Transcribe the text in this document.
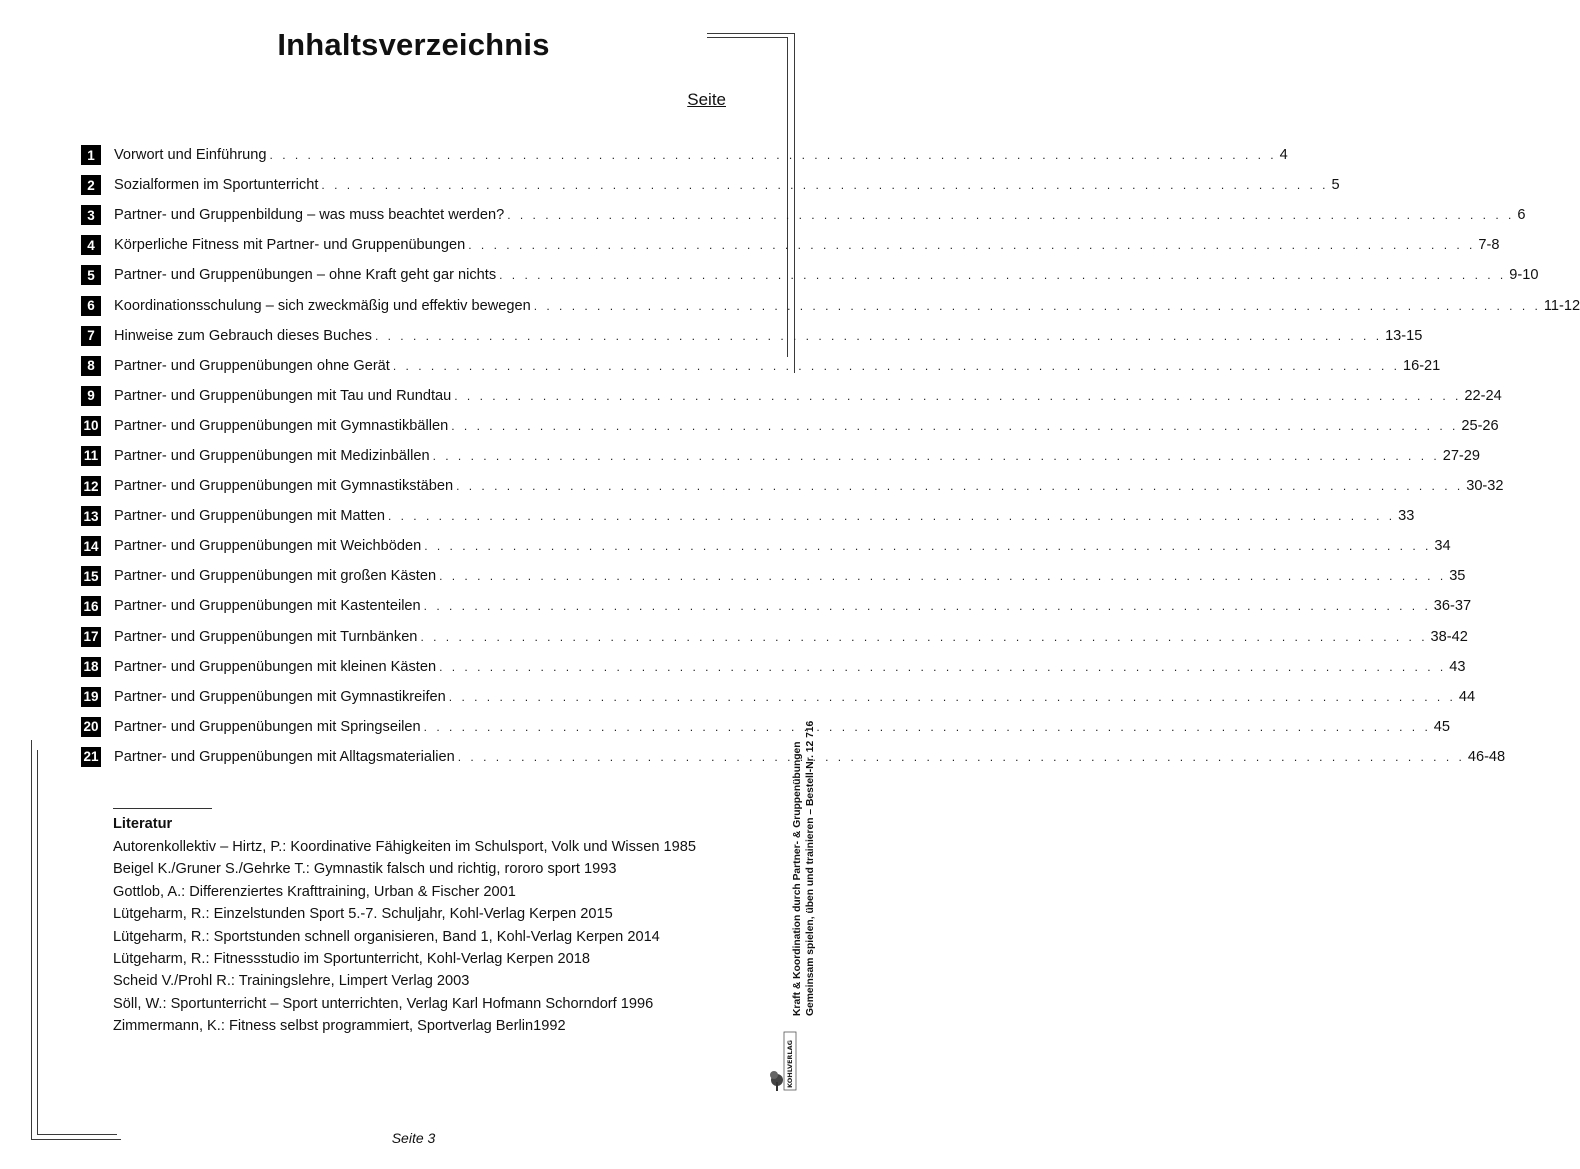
Inhaltsverzeichnis
Seite
1	Vorwort und Einführung . . . . . . . . . . . . . . . . . . . . . . . . . . . . . . . . . . . . . . . . . . . . . . . . . . . . . . . . . . . . . . . . . . . . . . . . . . . . . . . . 4
2	Sozialformen im Sportunterricht . . . . . . . . . . . . . . . . . . . . . . . . . . . . . . . . . . . . . . . . . . . . . . . . . . . . . . . . . . . . . . . . . . . . . . . . . . . . . . . . 5
3	Partner- und Gruppenbildung – was muss beachtet werden? . . . . . . . . . . . . . . . . . . . . . . . . . . . . . . . . . . . . . . . . . . . . . . . . . . . . . . . . . . . . . . . . . . . . . . . . . . . . . . . . 6
4	Körperliche Fitness mit Partner- und Gruppenübungen . . . . . . . . . . . . . . . . . . . . . . . . . . . . . . . . . . . . . . . . . . . . . . . . . . . . . . . . . . . . . . . . . . . . . . . . . . . . . . . . 7-8
5	Partner- und Gruppenübungen – ohne Kraft geht gar nichts . . . . . . . . . . . . . . . . . . . . . . . . . . . . . . . . . . . . . . . . . . . . . . . . . . . . . . . . . . . . . . . . . . . . . . . . . . . . . . . . 9-10
6	Koordinationsschulung – sich zweckmäßig und effektiv bewegen . . . . . . . . . . . . . . . . . . . . . . . . . . . . . . . . . . . . . . . . . . . . . . . . . . . . . . . . . . . . . . . . . . . . . . . . . . . . . . . . 11-12
7	Hinweise zum Gebrauch dieses Buches . . . . . . . . . . . . . . . . . . . . . . . . . . . . . . . . . . . . . . . . . . . . . . . . . . . . . . . . . . . . . . . . . . . . . . . . . . . . . . . . 13-15
8	Partner- und Gruppenübungen ohne Gerät . . . . . . . . . . . . . . . . . . . . . . . . . . . . . . . . . . . . . . . . . . . . . . . . . . . . . . . . . . . . . . . . . . . . . . . . . . . . . . . . 16-21
9	Partner- und Gruppenübungen mit Tau und Rundtau . . . . . . . . . . . . . . . . . . . . . . . . . . . . . . . . . . . . . . . . . . . . . . . . . . . . . . . . . . . . . . . . . . . . . . . . . . . . . . . . 22-24
10 Partner- und Gruppenübungen mit Gymnastikbällen . . . . . . . . . . . . . . . . . . . . . . . . . . . . . . . . . . . . . . . . . . . . . . . . . . . . . . . . . . . . . . . . . . . . . . . . . . . . . . . . 25-26
11 Partner- und Gruppenübungen mit Medizinbällen . . . . . . . . . . . . . . . . . . . . . . . . . . . . . . . . . . . . . . . . . . . . . . . . . . . . . . . . . . . . . . . . . . . . . . . . . . . . . . . . 27-29
12 Partner- und Gruppenübungen mit Gymnastikstäben . . . . . . . . . . . . . . . . . . . . . . . . . . . . . . . . . . . . . . . . . . . . . . . . . . . . . . . . . . . . . . . . . . . . . . . . . . . . . . . . 30-32
13 Partner- und Gruppenübungen mit Matten . . . . . . . . . . . . . . . . . . . . . . . . . . . . . . . . . . . . . . . . . . . . . . . . . . . . . . . . . . . . . . . . . . . . . . . . . . . . . . . . 33
14 Partner- und Gruppenübungen mit Weichböden . . . . . . . . . . . . . . . . . . . . . . . . . . . . . . . . . . . . . . . . . . . . . . . . . . . . . . . . . . . . . . . . . . . . . . . . . . . . . . . . 34
15 Partner- und Gruppenübungen mit großen Kästen . . . . . . . . . . . . . . . . . . . . . . . . . . . . . . . . . . . . . . . . . . . . . . . . . . . . . . . . . . . . . . . . . . . . . . . . . . . . . . . . 35
16 Partner- und Gruppenübungen mit Kastenteilen . . . . . . . . . . . . . . . . . . . . . . . . . . . . . . . . . . . . . . . . . . . . . . . . . . . . . . . . . . . . . . . . . . . . . . . . . . . . . . . . 36-37
17 Partner- und Gruppenübungen mit Turnbänken . . . . . . . . . . . . . . . . . . . . . . . . . . . . . . . . . . . . . . . . . . . . . . . . . . . . . . . . . . . . . . . . . . . . . . . . . . . . . . . . 38-42
18 Partner- und Gruppenübungen mit kleinen Kästen . . . . . . . . . . . . . . . . . . . . . . . . . . . . . . . . . . . . . . . . . . . . . . . . . . . . . . . . . . . . . . . . . . . . . . . . . . . . . . . . 43
19 Partner- und Gruppenübungen mit Gymnastikreifen . . . . . . . . . . . . . . . . . . . . . . . . . . . . . . . . . . . . . . . . . . . . . . . . . . . . . . . . . . . . . . . . . . . . . . . . . . . . . . . . 44
20 Partner- und Gruppenübungen mit Springseilen . . . . . . . . . . . . . . . . . . . . . . . . . . . . . . . . . . . . . . . . . . . . . . . . . . . . . . . . . . . . . . . . . . . . . . . . . . . . . . . . 45
21 Partner- und Gruppenübungen mit Alltagsmaterialien . . . . . . . . . . . . . . . . . . . . . . . . . . . . . . . . . . . . . . . . . . . . . . . . . . . . . . . . . . . . . . . . . . . . . . . . . . . . . . . . 46-48
Literatur
Autorenkollektiv – Hirtz, P.: Koordinative Fähigkeiten im Schulsport, Volk und Wissen 1985
Beigel K./Gruner S./Gehrke T.: Gymnastik falsch und richtig, rororo sport 1993
Gottlob, A.: Differenziertes Krafttraining, Urban & Fischer 2001
Lütgeharm, R.: Einzelstunden Sport 5.-7. Schuljahr, Kohl-Verlag Kerpen 2015
Lütgeharm, R.: Sportstunden schnell organisieren, Band 1, Kohl-Verlag Kerpen 2014
Lütgeharm, R.: Fitnessstudio im Sportunterricht, Kohl-Verlag Kerpen 2018
Scheid V./Prohl R.: Trainingslehre, Limpert Verlag 2003
Söll, W.: Sportunterricht – Sport unterrichten, Verlag Karl Hofmann Schorndorf 1996
Zimmermann, K.: Fitness selbst programmiert, Sportverlag Berlin1992
Kraft & Koordination durch Partner- & Gruppenübungen Gemeinsam spielen, üben und trainieren – Bestell-Nr. 12 716
KOHLVERLAG
Seite 3
